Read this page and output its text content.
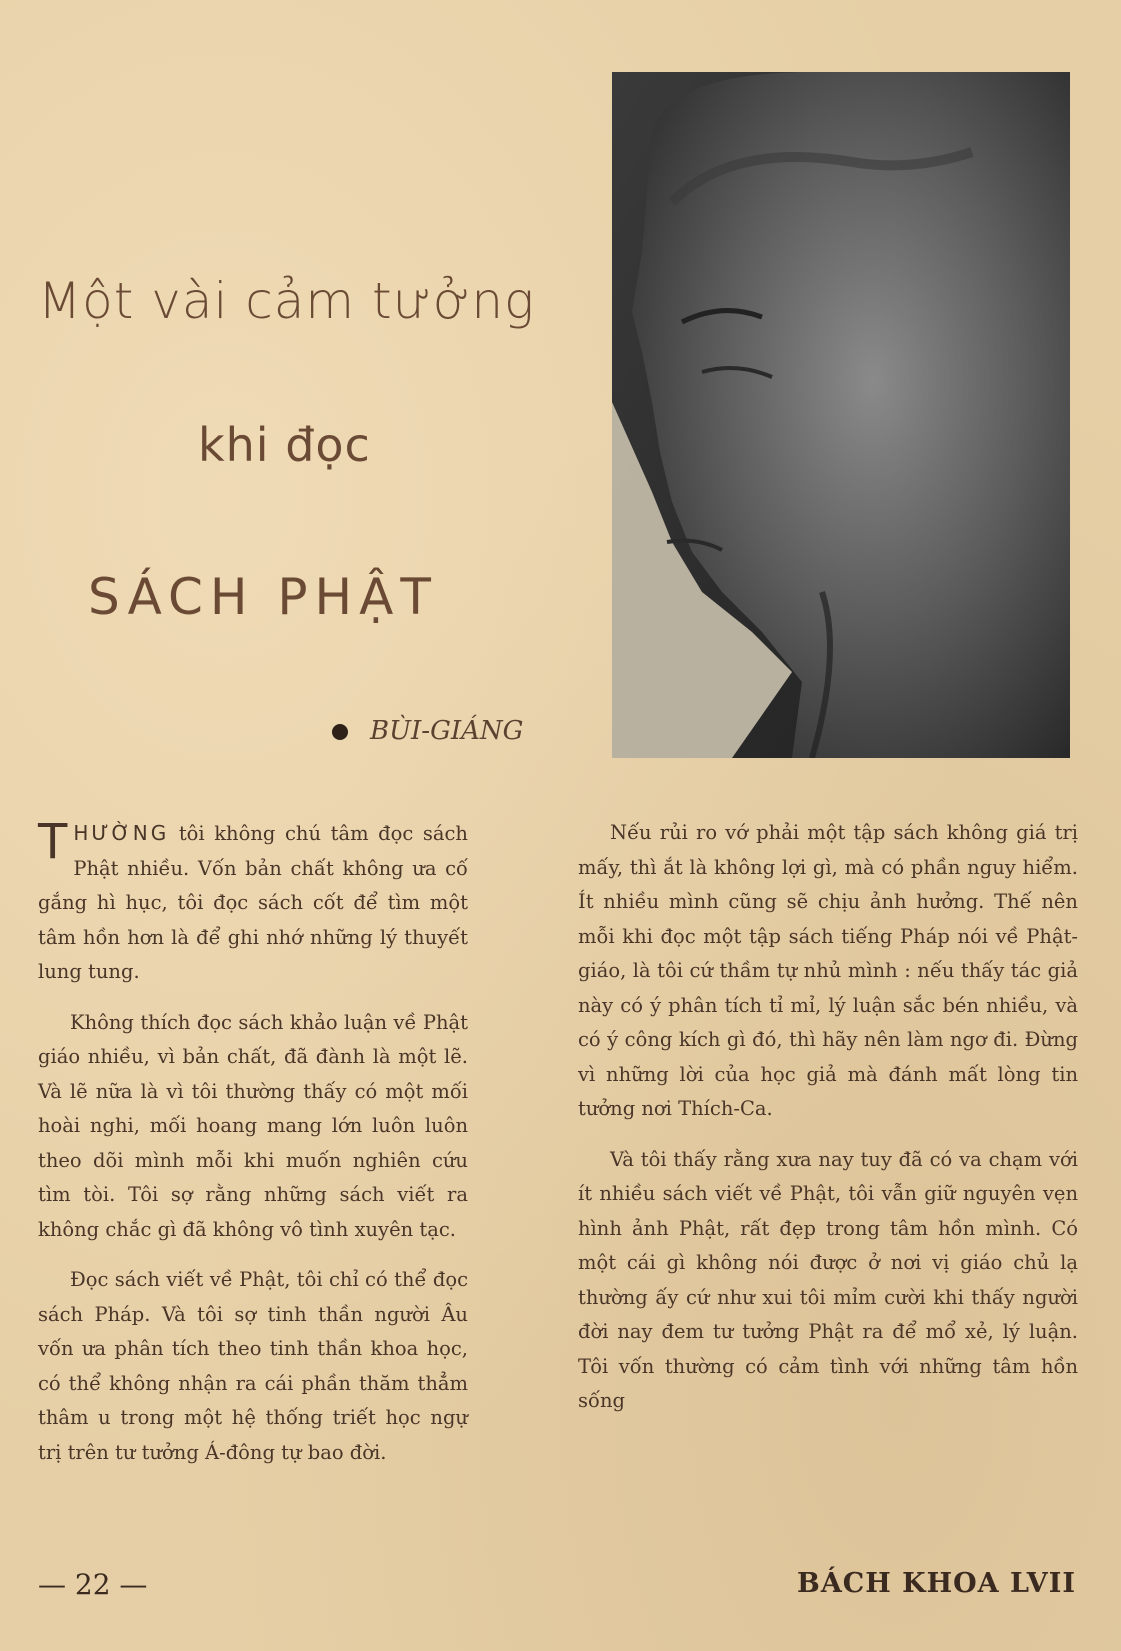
Một vài cảm tưởng
khi đọc
SÁCH PHẬT
BÙI-GIÁNG

THƯỜNG tôi không chú tâm đọc sách Phật nhiều. Vốn bản chất không ưa cố gắng hì hục, tôi đọc sách cốt để tìm một tâm hồn hơn là để ghi nhớ những lý thuyết lung tung.

Không thích đọc sách khảo luận về Phật giáo nhiều, vì bản chất, đã đành là một lẽ. Và lẽ nữa là vì tôi thường thấy có một mối hoài nghi, mối hoang mang lớn luôn luôn theo dõi mình mỗi khi muốn nghiên cứu tìm tòi. Tôi sợ rằng những sách viết ra không chắc gì đã không vô tình xuyên tạc.

Đọc sách viết về Phật, tôi chỉ có thể đọc sách Pháp. Và tôi sợ tinh thần người Âu vốn ưa phân tích theo tinh thần khoa học, có thể không nhận ra cái phần thăm thẳm thâm u trong một hệ thống triết học ngự trị trên tư tưởng Á-đông tự bao đời.

Nếu rủi ro vớ phải một tập sách không giá trị mấy, thì ắt là không lợi gì, mà có phần nguy hiểm. Ít nhiều mình cũng sẽ chịu ảnh hưởng. Thế nên mỗi khi đọc một tập sách tiếng Pháp nói về Phật-giáo, là tôi cứ thầm tự nhủ mình : nếu thấy tác giả này có ý phân tích tỉ mỉ, lý luận sắc bén nhiều, và có ý công kích gì đó, thì hãy nên làm ngơ đi. Đừng vì những lời của học giả mà đánh mất lòng tin tưởng nơi Thích-Ca.

Và tôi thấy rằng xưa nay tuy đã có va chạm với ít nhiều sách viết về Phật, tôi vẫn giữ nguyên vẹn hình ảnh Phật, rất đẹp trong tâm hồn mình. Có một cái gì không nói được ở nơi vị giáo chủ lạ thường ấy cứ như xui tôi mỉm cười khi thấy người đời nay đem tư tưởng Phật ra để mổ xẻ, lý luận. Tôi vốn thường có cảm tình với những tâm hồn sống

— 22 —	BÁCH KHOA LVII
